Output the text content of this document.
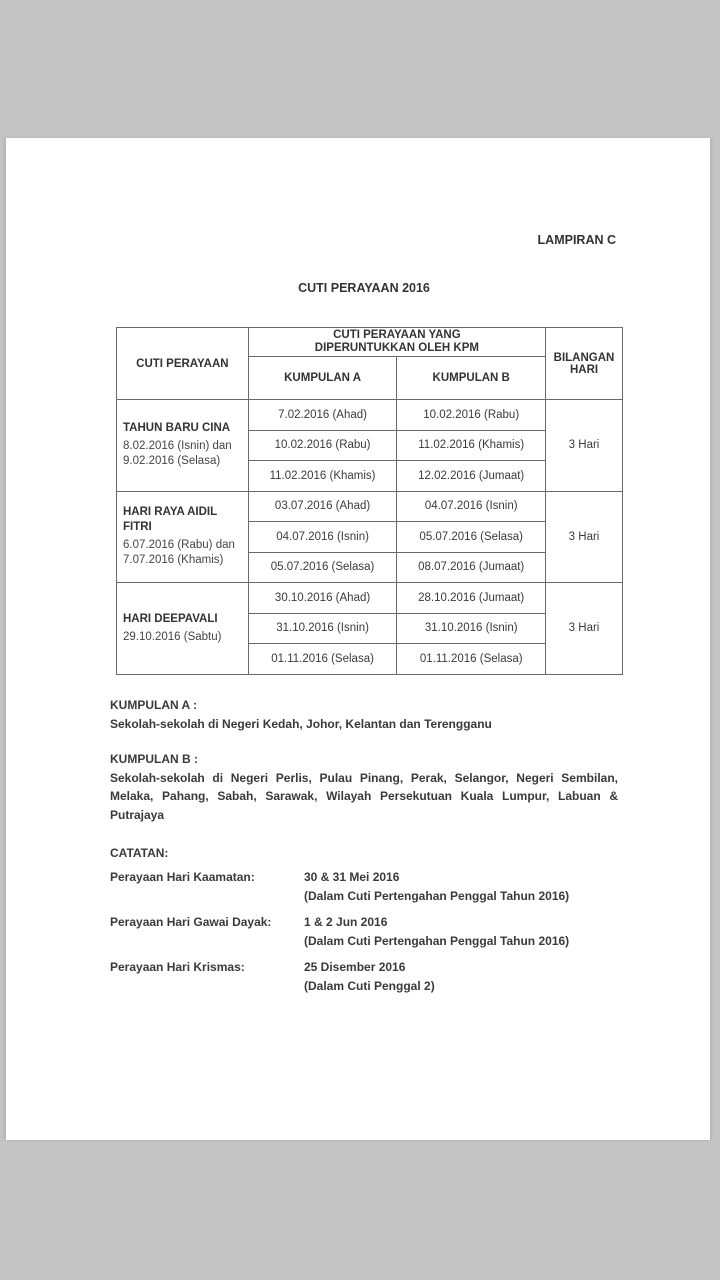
LAMPIRAN C
CUTI PERAYAAN 2016
CUTI PERAYAAN	CUTI PERAYAAN YANG
DIPERUNTUKKAN OLEH KPM		BILANGAN
HARI
	KUMPULAN A	KUMPULAN B	

TAHUN BARU CINA
8.02.2016 (Isnin) dan 9.02.2016 (Selasa)	7.02.2016 (Ahad)	10.02.2016 (Rabu)	3 Hari
	10.02.2016 (Rabu)	11.02.2016 (Khamis)	
	11.02.2016 (Khamis)	12.02.2016 (Jumaat)	

HARI RAYA AIDIL FITRI
6.07.2016 (Rabu) dan 7.07.2016 (Khamis)	03.07.2016 (Ahad)	04.07.2016 (Isnin)	3 Hari
	04.07.2016 (Isnin)	05.07.2016 (Selasa)	
	05.07.2016 (Selasa)	08.07.2016 (Jumaat)	

HARI DEEPAVALI
29.10.2016 (Sabtu)	30.10.2016 (Ahad)	28.10.2016 (Jumaat)	3 Hari
	31.10.2016 (Isnin)	31.10.2016 (Isnin)	
	01.11.2016 (Selasa)	01.11.2016 (Selasa)	
KUMPULAN A :
Sekolah-sekolah di Negeri Kedah, Johor, Kelantan dan Terengganu
KUMPULAN B :
Sekolah-sekolah di Negeri Perlis, Pulau Pinang, Perak, Selangor, Negeri Sembilan, Melaka, Pahang, Sabah, Sarawak, Wilayah Persekutuan Kuala Lumpur, Labuan & Putrajaya
CATATAN:
Perayaan Hari Kaamatan:	30 & 31 Mei 2016
(Dalam Cuti Pertengahan Penggal Tahun 2016)
Perayaan Hari Gawai Dayak:	1 & 2 Jun 2016
(Dalam Cuti Pertengahan Penggal Tahun 2016)
Perayaan Hari Krismas:	25 Disember 2016
(Dalam Cuti Penggal 2)
